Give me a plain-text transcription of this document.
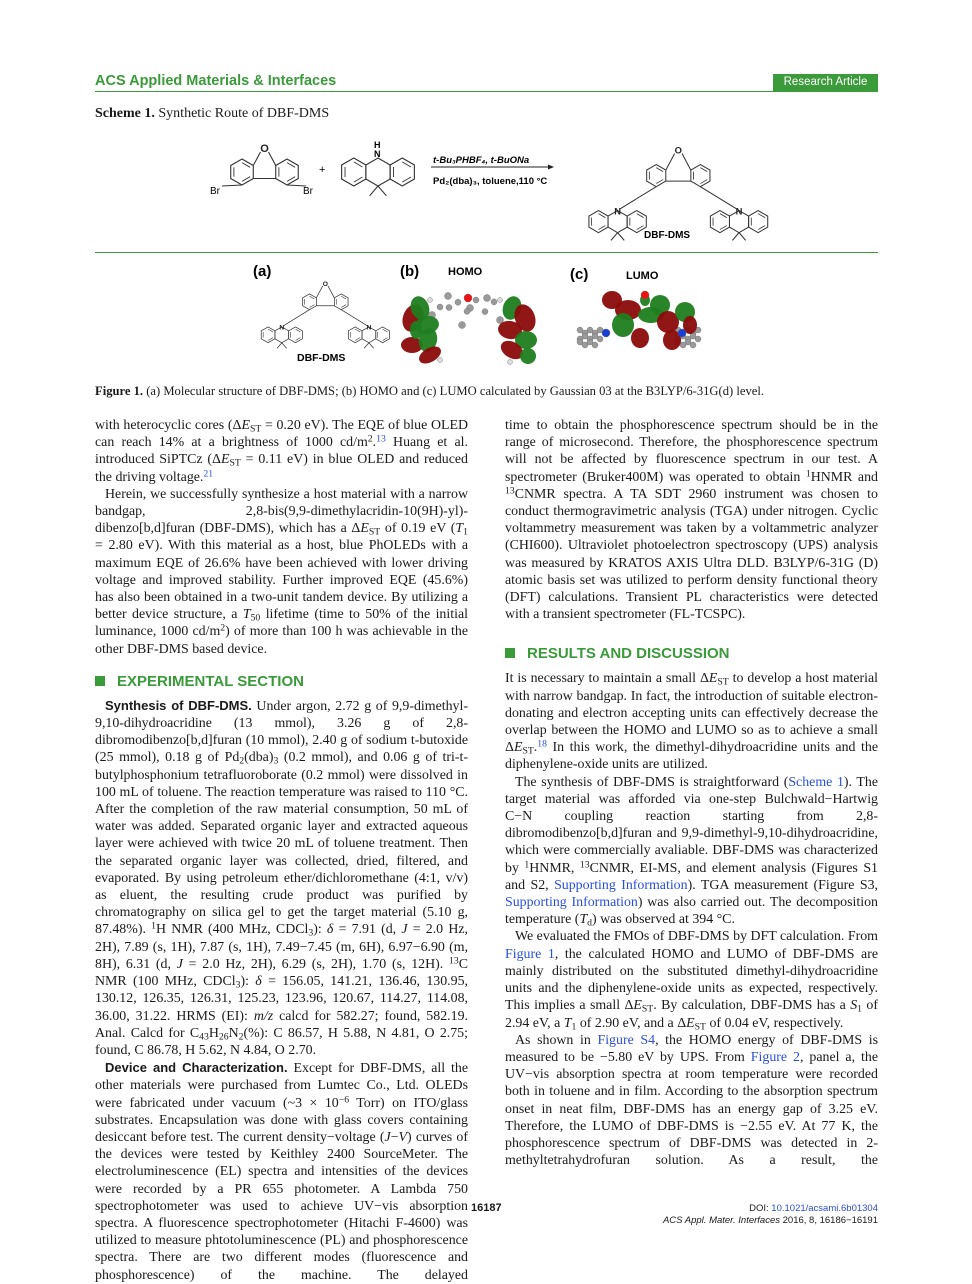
ACS Applied Materials & Interfaces	Research Article
Scheme 1. Synthetic Route of DBF-DMS
O
Br	Br
+
H
N
t-Bu₃PHBF₄, t-BuONa
Pd₂(dba)₃, toluene,110 °C
O
N	N
DBF-DMS
(a)
O
N	N
DBF-DMS
(b)	HOMO	(c)	LUMO
Figure 1. (a) Molecular structure of DBF-DMS; (b) HOMO and (c) LUMO calculated by Gaussian 03 at the B3LYP/6-31G(d) level.

with heterocyclic cores ($\Delta E_{ST} = 0.20$ eV). The EQE of blue OLED can reach 14% at a brightness of 1000 $cd/m^2.^{13}$ Huang et al. introduced SiPTCz ($\Delta E_{ST} = 0.11$ eV) in blue OLED and reduced the driving voltage.$^{21}$

Herein, we successfully synthesize a host material with a narrow bandgap, 2,8-bis(9,9-dimethylacridin-10(9H)-yl)-dibenzo[b,d]furan (DBF-DMS), which has a $\Delta E_{ST}$ of 0.19 eV ($T_1 = 2.80$ eV). With this material as a host, blue PhOLEDs with a maximum EQE of 26.6% have been achieved with lower driving voltage and improved stability. Further improved EQE (45.6%) has also been obtained in a two-unit tandem device. By utilizing a better device structure, a $T_{50}$ lifetime (time to 50% of the initial luminance, 1000 $cd/m^2$) of more than 100 h was achievable in the other DBF-DMS based device.

EXPERIMENTAL SECTION

Synthesis of DBF-DMS. Under argon, 2.72 g of 9,9-dimethyl-9,10-dihydroacridine (13 mmol), 3.26 g of 2,8-dibromodibenzo[b,d]furan (10 mmol), 2.40 g of sodium t-butoxide (25 mmol), 0.18 g of $Pd_2(dba)_3$ (0.2 mmol), and 0.06 g of tri-t-butylphosphonium tetrafluoroborate (0.2 mmol) were dissolved in 100 mL of toluene. The reaction temperature was raised to 110 °C. After the completion of the raw material consumption, 50 mL of water was added. Separated organic layer and extracted aqueous layer were achieved with twice 20 mL of toluene treatment. Then the separated organic layer was collected, dried, filtered, and evaporated. By using petroleum ether/dichloromethane (4:1, v/v) as eluent, the resulting crude product was purified by chromatography on silica gel to get the target material (5.10 g, 87.48%). $^1$H NMR (400 MHz, CDCl$_3$): δ = 7.91 (d, J = 2.0 Hz, 2H), 7.89 (s, 1H), 7.87 (s, 1H), 7.49−7.45 (m, 6H), 6.97−6.90 (m, 8H), 6.31 (d, J = 2.0 Hz, 2H), 6.29 (s, 2H), 1.70 (s, 12H). $^{13}$C NMR (100 MHz, CDCl$_3$): δ = 156.05, 141.21, 136.46, 130.95, 130.12, 126.35, 126.31, 125.23, 123.96, 120.67, 114.27, 114.08, 36.00, 31.22. HRMS (EI): m/z calcd for 582.27; found, 582.19. Anal. Calcd for $C_{43}H_{26}N_2(\%)$: C 86.57, H 5.88, N 4.81, O 2.75; found, C 86.78, H 5.62, N 4.84, O 2.70.

Device and Characterization. Except for DBF-DMS, all the other materials were purchased from Lumtec Co., Ltd. OLEDs were fabricated under vacuum (~3 × $10^{-6}$ Torr) on ITO/glass substrates. Encapsulation was done with glass covers containing desiccant before test. The current density−voltage (J−V) curves of the devices were tested by Keithley 2400 SourceMeter. The electroluminescence (EL) spectra and intensities of the devices were recorded by a PR 655 photometer. A Lambda 750 spectrophotometer was used to achieve UV−vis absorption spectra. A fluorescence spectrophotometer (Hitachi F-4600) was utilized to measure phtotoluminescence (PL) and phosphorescence spectra. There are two different modes (fluorescence and phosphorescence) of the machine. The delayed

time to obtain the phosphorescence spectrum should be in the range of microsecond. Therefore, the phosphorescence spectrum will not be affected by fluorescence spectrum in our test. A spectrometer (Bruker400M) was operated to obtain $^1$HNMR and $^{13}$CNMR spectra. A TA SDT 2960 instrument was chosen to conduct thermogravimetric analysis (TGA) under nitrogen. Cyclic voltammetry measurement was taken by a voltammetric analyzer (CHI600). Ultraviolet photoelectron spectroscopy (UPS) analysis was measured by KRATOS AXIS Ultra DLD. B3LYP/6-31G (D) atomic basis set was utilized to perform density functional theory (DFT) calculations. Transient PL characteristics were detected with a transient spectrometer (FL-TCSPC).

RESULTS AND DISCUSSION

It is necessary to maintain a small $\Delta E_{ST}$ to develop a host material with narrow bandgap. In fact, the introduction of suitable electron-donating and electron accepting units can effectively decrease the overlap between the HOMO and LUMO so as to achieve a small $\Delta E_{ST}.^{18}$ In this work, the dimethyl-dihydroacridine units and the diphenylene-oxide units are utilized.

The synthesis of DBF-DMS is straightforward (Scheme 1). The target material was afforded via one-step Bulchwald−Hartwig C−N coupling reaction starting from 2,8-dibromodibenzo[b,d]furan and 9,9-dimethyl-9,10-dihydroacridine, which were commercially avaliable. DBF-DMS was characterized by $^1$HNMR, $^{13}$CNMR, EI-MS, and element analysis (Figures S1 and S2, Supporting Information). TGA measurement (Figure S3, Supporting Information) was also carried out. The decomposition temperature $(T_d)$ was observed at 394 °C.

We evaluated the FMOs of DBF-DMS by DFT calculation. From Figure 1, the calculated HOMO and LUMO of DBF-DMS are mainly distributed on the substituted dimethyl-dihydroacridine units and the diphenylene-oxide units as expected, respectively. This implies a small $\Delta E_{ST}$. By calculation, DBF-DMS has a $S_1$ of 2.94 eV, a $T_1$ of 2.90 eV, and a $\Delta E_{ST}$ of 0.04 eV, respectively.

As shown in Figure S4, the HOMO energy of DBF-DMS is measured to be −5.80 eV by UPS. From Figure 2, panel a, the UV−vis absorption spectra at room temperature were recorded both in toluene and in film. According to the absorption spectrum onset in neat film, DBF-DMS has an energy gap of 3.25 eV. Therefore, the LUMO of DBF-DMS is −2.55 eV. At 77 K, the phosphorescence spectrum of DBF-DMS was detected in 2-methyltetrahydrofuran solution. As a result, the

16187	DOI: 10.1021/acsami.6b01304
ACS Appl. Mater. Interfaces 2016, 8, 16186−16191
